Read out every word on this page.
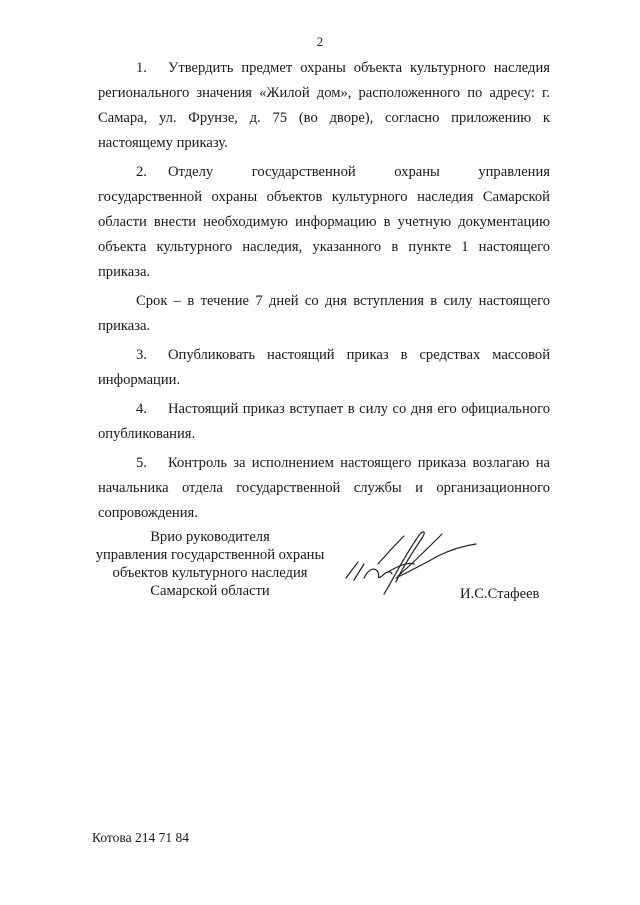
2

1. Утвердить предмет охраны объекта культурного наследия регионального значения «Жилой дом», расположенного по адресу: г. Самара, ул. Фрунзе, д. 75 (во дворе), согласно приложению к настоящему приказу.

2. Отделу государственной охраны управления государственной охраны объектов культурного наследия Самарской области внести необходимую информацию в учетную документацию объекта культурного наследия, указанного в пункте 1 настоящего приказа.

Срок – в течение 7 дней со дня вступления в силу настоящего приказа.

3. Опубликовать настоящий приказ в средствах массовой информации.

4. Настоящий приказ вступает в силу со дня его официального опубликования.

5. Контроль за исполнением настоящего приказа возлагаю на начальника отдела государственной службы и организационного сопровождения.

Врио руководителя
управления государственной охраны
объектов культурного наследия
Самарской области	И.С.Стафеев
Котова 214 71 84
